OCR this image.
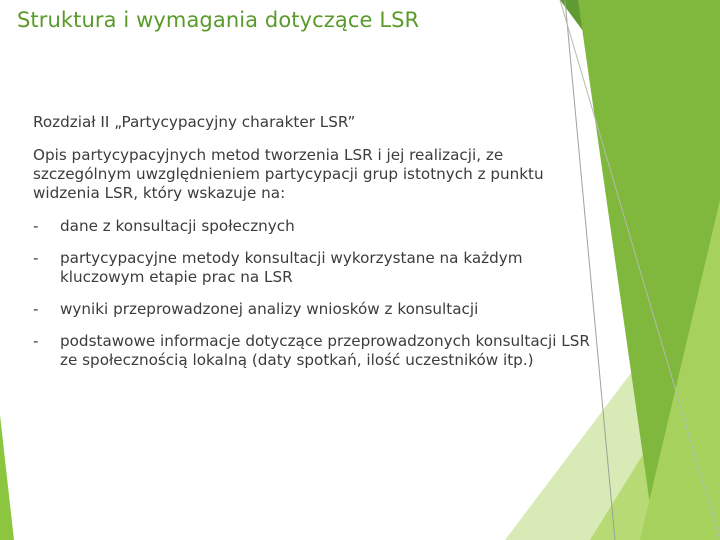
Struktura i wymagania dotyczące LSR

Rozdział II „Partycypacyjny charakter LSR”

Opis partycypacyjnych metod tworzenia LSR i jej realizacji, ze szczególnym uwzględnieniem partycypacji grup istotnych z punktu widzenia LSR, który wskazuje na:

-	dane z konsultacji społecznych
-	partycypacyjne metody konsultacji wykorzystane na każdym kluczowym etapie prac na LSR
-	wyniki przeprowadzonej analizy wniosków z konsultacji
-	podstawowe informacje dotyczące przeprowadzonych konsultacji LSR ze społecznością lokalną (daty spotkań, ilość uczestników itp.)
